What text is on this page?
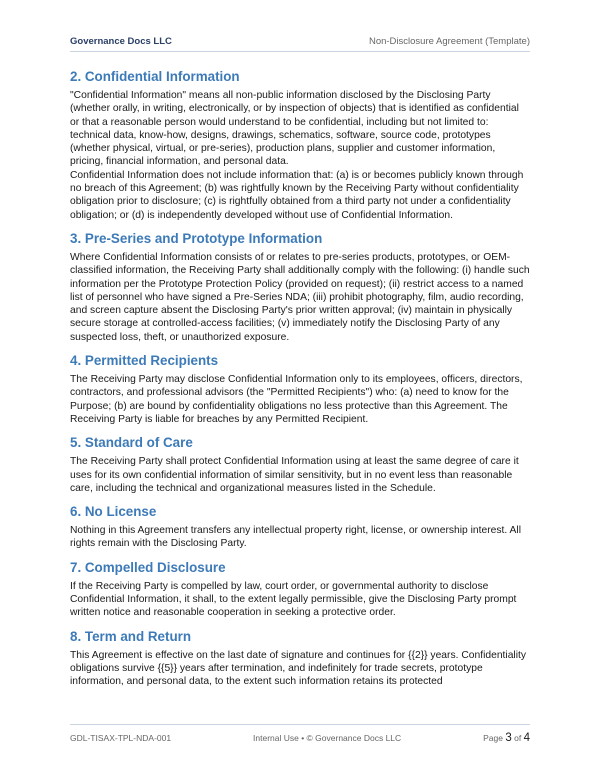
Governance Docs LLC	Non-Disclosure Agreement (Template)
2. Confidential Information

"Confidential Information" means all non-public information disclosed by the Disclosing Party (whether orally, in writing, electronically, or by inspection of objects) that is identified as confidential or that a reasonable person would understand to be confidential, including but not limited to: technical data, know-how, designs, drawings, schematics, software, source code, prototypes (whether physical, virtual, or pre-series), production plans, supplier and customer information, pricing, financial information, and personal data.

Confidential Information does not include information that: (a) is or becomes publicly known through no breach of this Agreement; (b) was rightfully known by the Receiving Party without confidentiality obligation prior to disclosure; (c) is rightfully obtained from a third party not under a confidentiality obligation; or (d) is independently developed without use of Confidential Information.

3. Pre-Series and Prototype Information

Where Confidential Information consists of or relates to pre-series products, prototypes, or OEM-classified information, the Receiving Party shall additionally comply with the following: (i) handle such information per the Prototype Protection Policy (provided on request); (ii) restrict access to a named list of personnel who have signed a Pre-Series NDA; (iii) prohibit photography, film, audio recording, and screen capture absent the Disclosing Party's prior written approval; (iv) maintain in physically secure storage at controlled-access facilities; (v) immediately notify the Disclosing Party of any suspected loss, theft, or unauthorized exposure.

4. Permitted Recipients

The Receiving Party may disclose Confidential Information only to its employees, officers, directors, contractors, and professional advisors (the "Permitted Recipients") who: (a) need to know for the Purpose; (b) are bound by confidentiality obligations no less protective than this Agreement. The Receiving Party is liable for breaches by any Permitted Recipient.

5. Standard of Care

The Receiving Party shall protect Confidential Information using at least the same degree of care it uses for its own confidential information of similar sensitivity, but in no event less than reasonable care, including the technical and organizational measures listed in the Schedule.

6. No License

Nothing in this Agreement transfers any intellectual property right, license, or ownership interest. All rights remain with the Disclosing Party.

7. Compelled Disclosure

If the Receiving Party is compelled by law, court order, or governmental authority to disclose Confidential Information, it shall, to the extent legally permissible, give the Disclosing Party prompt written notice and reasonable cooperation in seeking a protective order.

8. Term and Return

This Agreement is effective on the last date of signature and continues for {{2}} years. Confidentiality obligations survive {{5}} years after termination, and indefinitely for trade secrets, prototype information, and personal data, to the extent such information retains its protected

GDL-TISAX-TPL-NDA-001	Internal Use • © Governance Docs LLC	Page 3 of 4
